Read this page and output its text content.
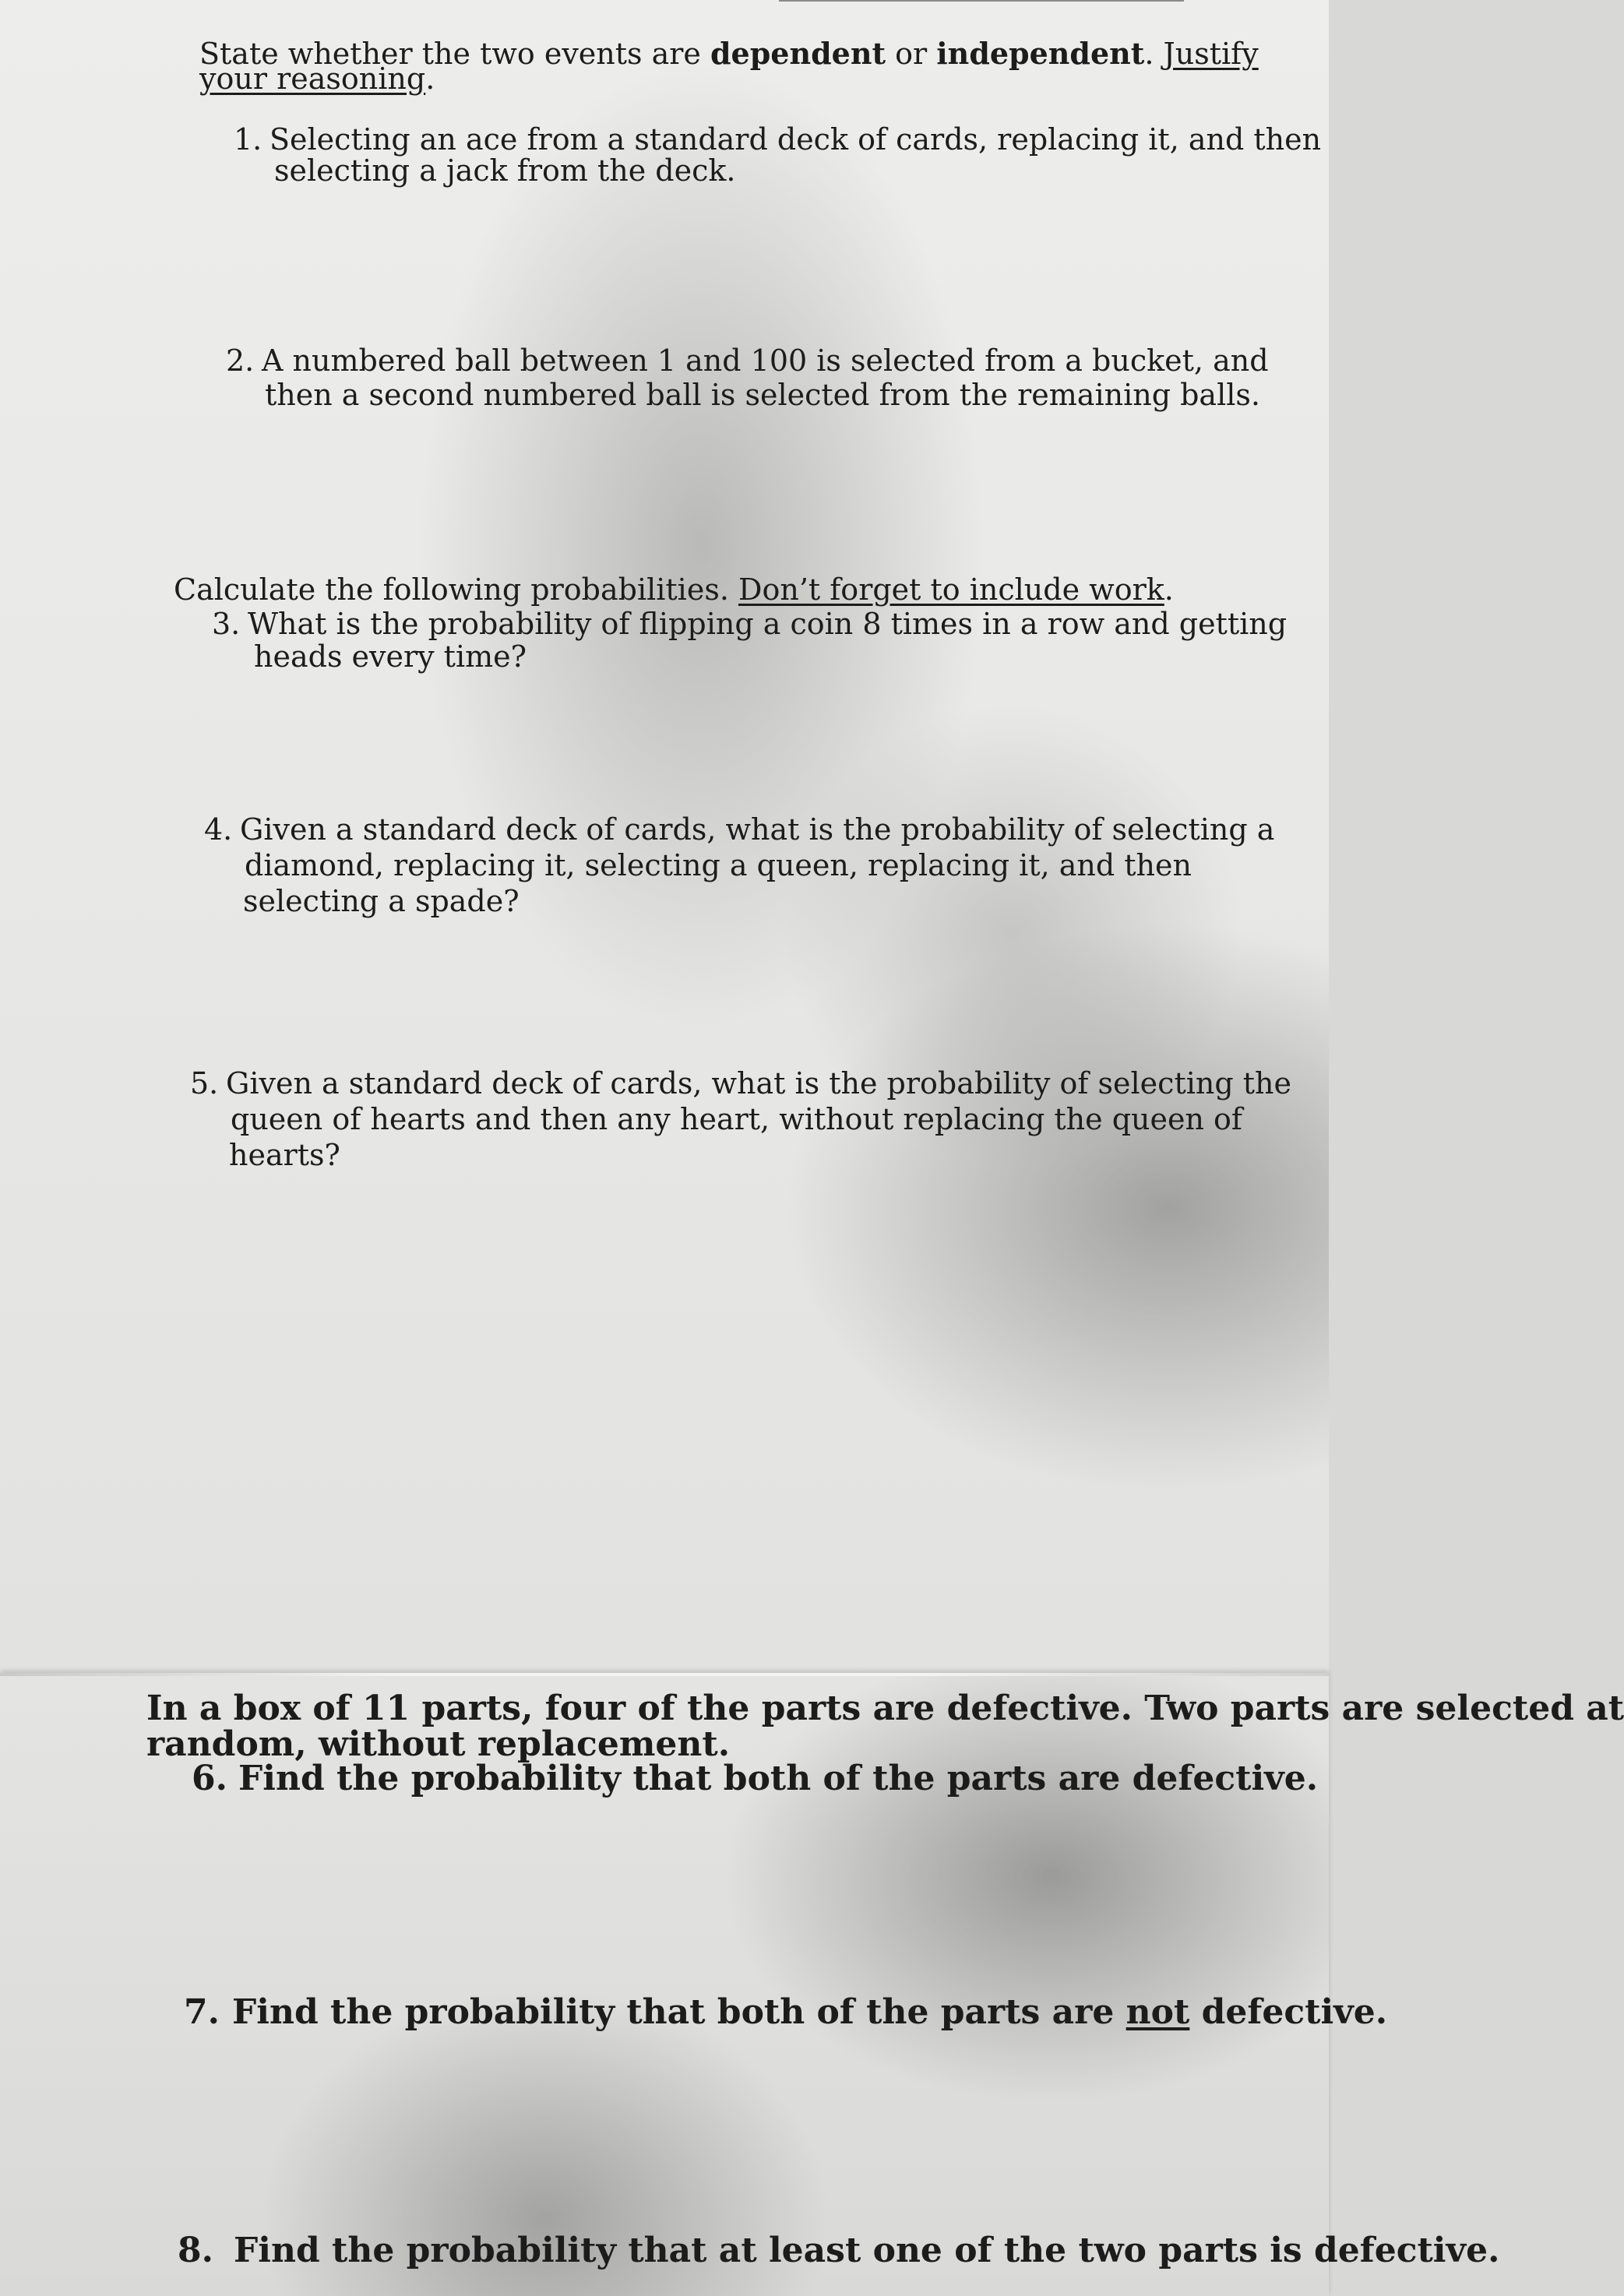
State whether the two events are dependent or independent. Justify
your reasoning.
1. Selecting an ace from a standard deck of cards, replacing it, and then
selecting a jack from the deck.
2. A numbered ball between 1 and 100 is selected from a bucket, and
then a second numbered ball is selected from the remaining balls.
Calculate the following probabilities. Don’t forget to include work.
3. What is the probability of flipping a coin 8 times in a row and getting
heads every time?
4. Given a standard deck of cards, what is the probability of selecting a
diamond, replacing it, selecting a queen, replacing it, and then
selecting a spade?
5. Given a standard deck of cards, what is the probability of selecting the
queen of hearts and then any heart, without replacing the queen of
hearts?
In a box of 11 parts, four of the parts are defective. Two parts are selected at
random, without replacement.
6. Find the probability that both of the parts are defective.
7. Find the probability that both of the parts are not defective.
8. Find the probability that at least one of the two parts is defective.
